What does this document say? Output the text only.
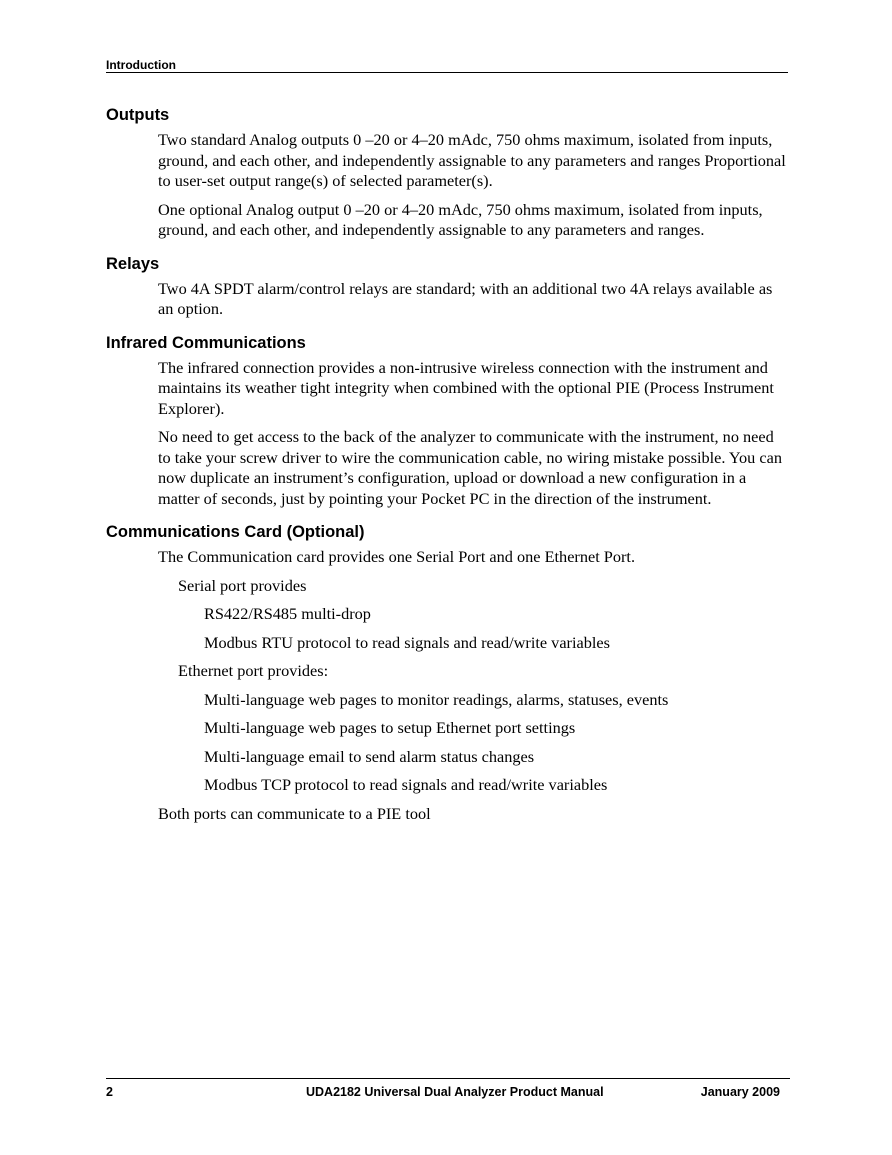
Introduction
Outputs

Two standard Analog outputs 0 –20 or 4–20 mAdc, 750 ohms maximum, isolated from inputs, ground, and each other, and independently assignable to any parameters and ranges Proportional to user-set output range(s) of selected parameter(s).

One optional Analog output 0 –20 or 4–20 mAdc, 750 ohms maximum, isolated from inputs, ground, and each other, and independently assignable to any parameters and ranges.

Relays

Two 4A SPDT alarm/control relays are standard; with an additional two 4A relays available as an option.

Infrared Communications

The infrared connection provides a non-intrusive wireless connection with the instrument and maintains its weather tight integrity when combined with the optional PIE (Process Instrument Explorer).

No need to get access to the back of the analyzer to communicate with the instrument, no need to take your screw driver to wire the communication cable, no wiring mistake possible. You can now duplicate an instrument’s configuration, upload or download a new configuration in a matter of seconds, just by pointing your Pocket PC in the direction of the instrument.

Communications Card (Optional)

The Communication card provides one Serial Port and one Ethernet Port.

Serial port provides

RS422/RS485 multi-drop

Modbus RTU protocol to read signals and read/write variables

Ethernet port provides:

Multi-language web pages to monitor readings, alarms, statuses, events

Multi-language web pages to setup Ethernet port settings

Multi-language email to send alarm status changes

Modbus TCP protocol to read signals and read/write variables

Both ports can communicate to a PIE tool

2	UDA2182 Universal Dual Analyzer Product Manual	January 2009
